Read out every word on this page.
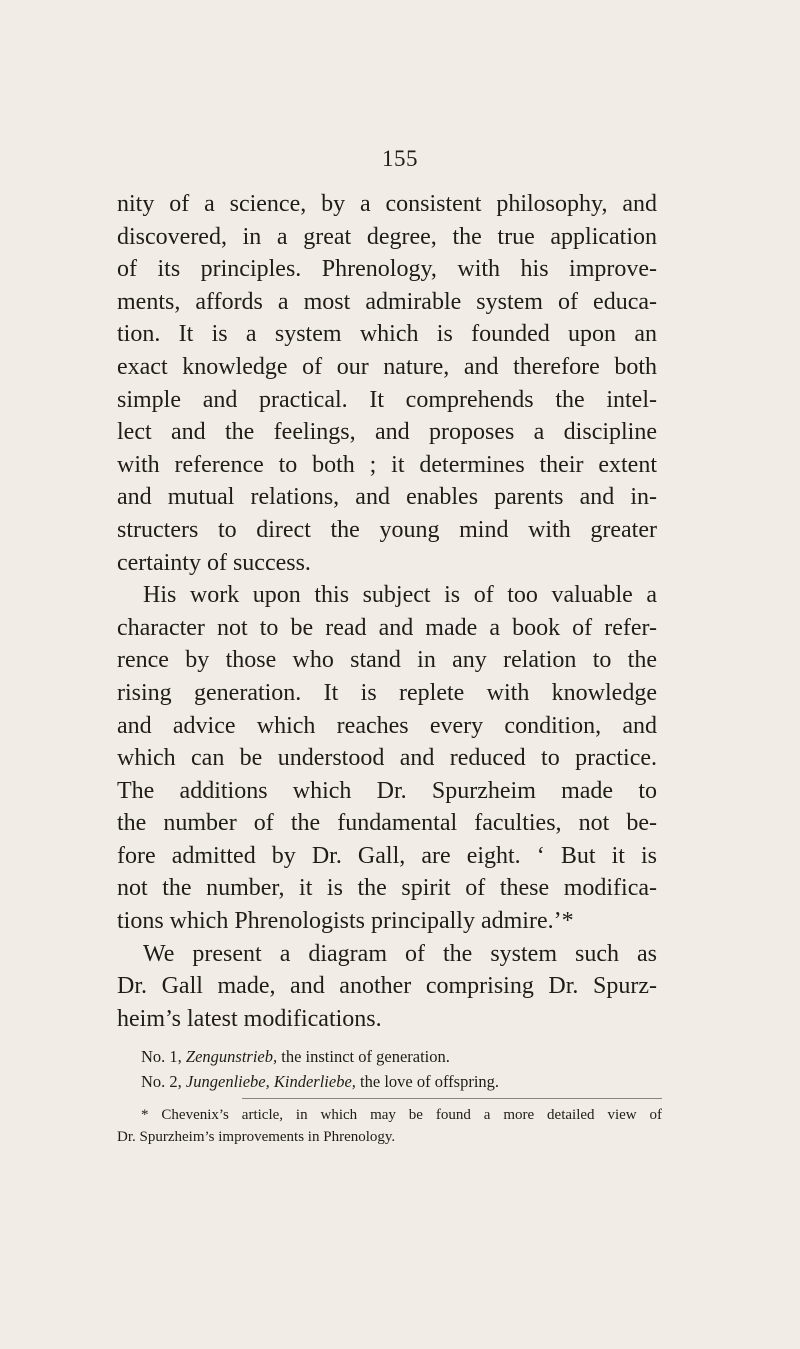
155
nity of a science, by a consistent philosophy, and
discovered, in a great degree, the true application
of its principles. Phrenology, with his improve-
ments, affords a most admirable system of educa-
tion. It is a system which is founded upon an
exact knowledge of our nature, and therefore both
simple and practical. It comprehends the intel-
lect and the feelings, and proposes a discipline
with reference to both ; it determines their extent
and mutual relations, and enables parents and in-
structers to direct the young mind with greater
certainty of success.
His work upon this subject is of too valuable a
character not to be read and made a book of refer-
rence by those who stand in any relation to the
rising generation. It is replete with knowledge
and advice which reaches every condition, and
which can be understood and reduced to practice.
The additions which Dr. Spurzheim made to
the number of the fundamental faculties, not be-
fore admitted by Dr. Gall, are eight. ‘ But it is
not the number, it is the spirit of these modifica-
tions which Phrenologists principally admire.’*
We present a diagram of the system such as
Dr. Gall made, and another comprising Dr. Spurz-
heim’s latest modifications.
No. 1, Zengunstrieb, the instinct of generation.
No. 2, Jungenliebe, Kinderliebe, the love of offspring.
* Chevenix’s article, in which may be found a more detailed view of
Dr. Spurzheim’s improvements in Phrenology.
